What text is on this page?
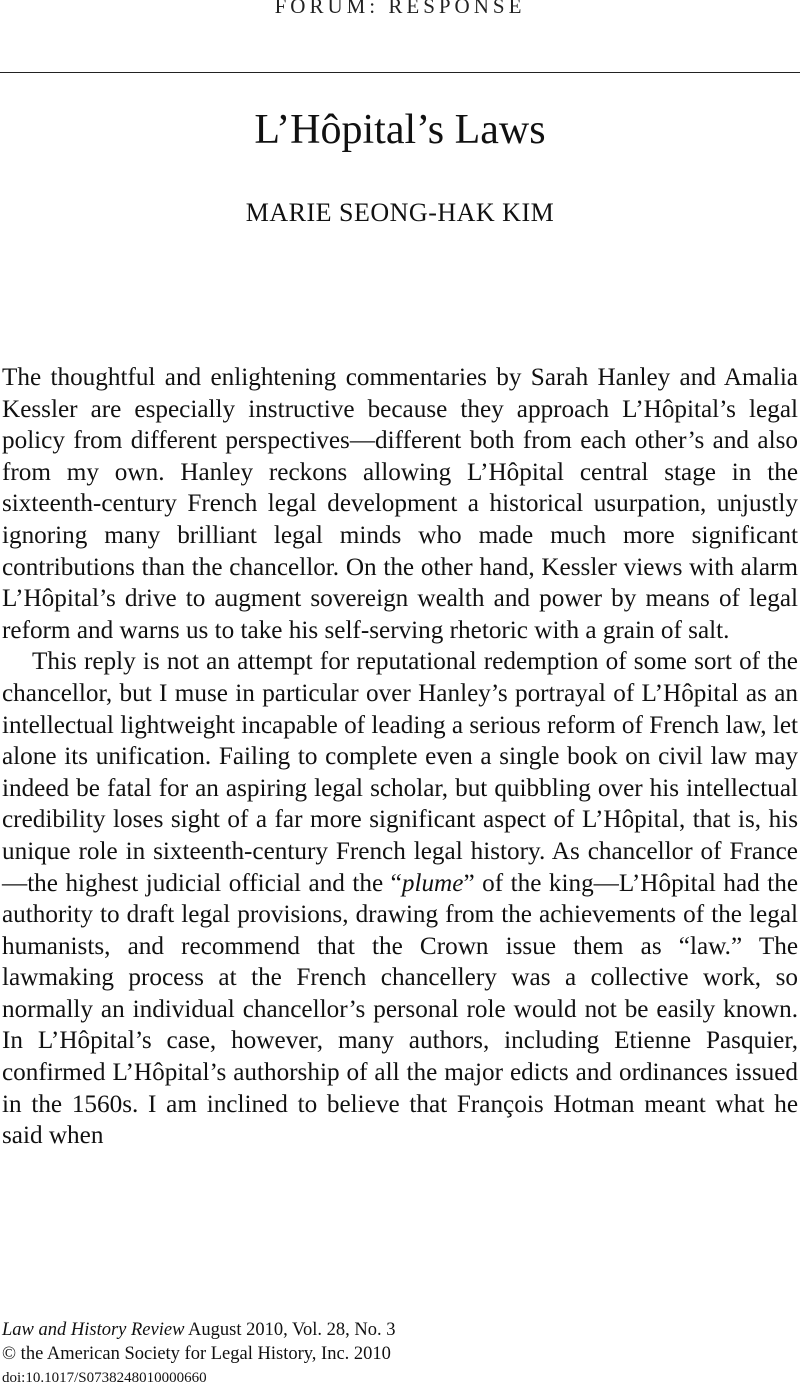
FORUM: RESPONSE
L’Hôpital’s Laws
MARIE SEONG-HAK KIM

The thoughtful and enlightening commentaries by Sarah Hanley and Amalia Kessler are especially instructive because they approach L’Hôpital’s legal policy from different perspectives—different both from each other’s and also from my own. Hanley reckons allowing L’Hôpital central stage in the sixteenth-century French legal development a historical usurpation, unjustly ignoring many brilliant legal minds who made much more significant contributions than the chancellor. On the other hand, Kessler views with alarm L’Hôpital’s drive to augment sovereign wealth and power by means of legal reform and warns us to take his self-serving rhetoric with a grain of salt.

This reply is not an attempt for reputational redemption of some sort of the chancellor, but I muse in particular over Hanley’s portrayal of L’Hôpital as an intellectual lightweight incapable of leading a serious reform of French law, let alone its unification. Failing to complete even a single book on civil law may indeed be fatal for an aspiring legal scholar, but quibbling over his intellectual credibility loses sight of a far more significant aspect of L’Hôpital, that is, his unique role in sixteenth-century French legal history. As chancellor of France—the highest judicial official and the “plume” of the king—L’Hôpital had the authority to draft legal provisions, drawing from the achievements of the legal humanists, and recommend that the Crown issue them as “law.” The lawmaking process at the French chancellery was a collective work, so normally an individual chancellor’s personal role would not be easily known. In L’Hôpital’s case, however, many authors, including Etienne Pasquier, confirmed L’Hôpital’s authorship of all the major edicts and ordinances issued in the 1560s. I am inclined to believe that François Hotman meant what he said when

Law and History Review August 2010, Vol. 28, No. 3
© the American Society for Legal History, Inc. 2010
doi:10.1017/S0738248010000660
